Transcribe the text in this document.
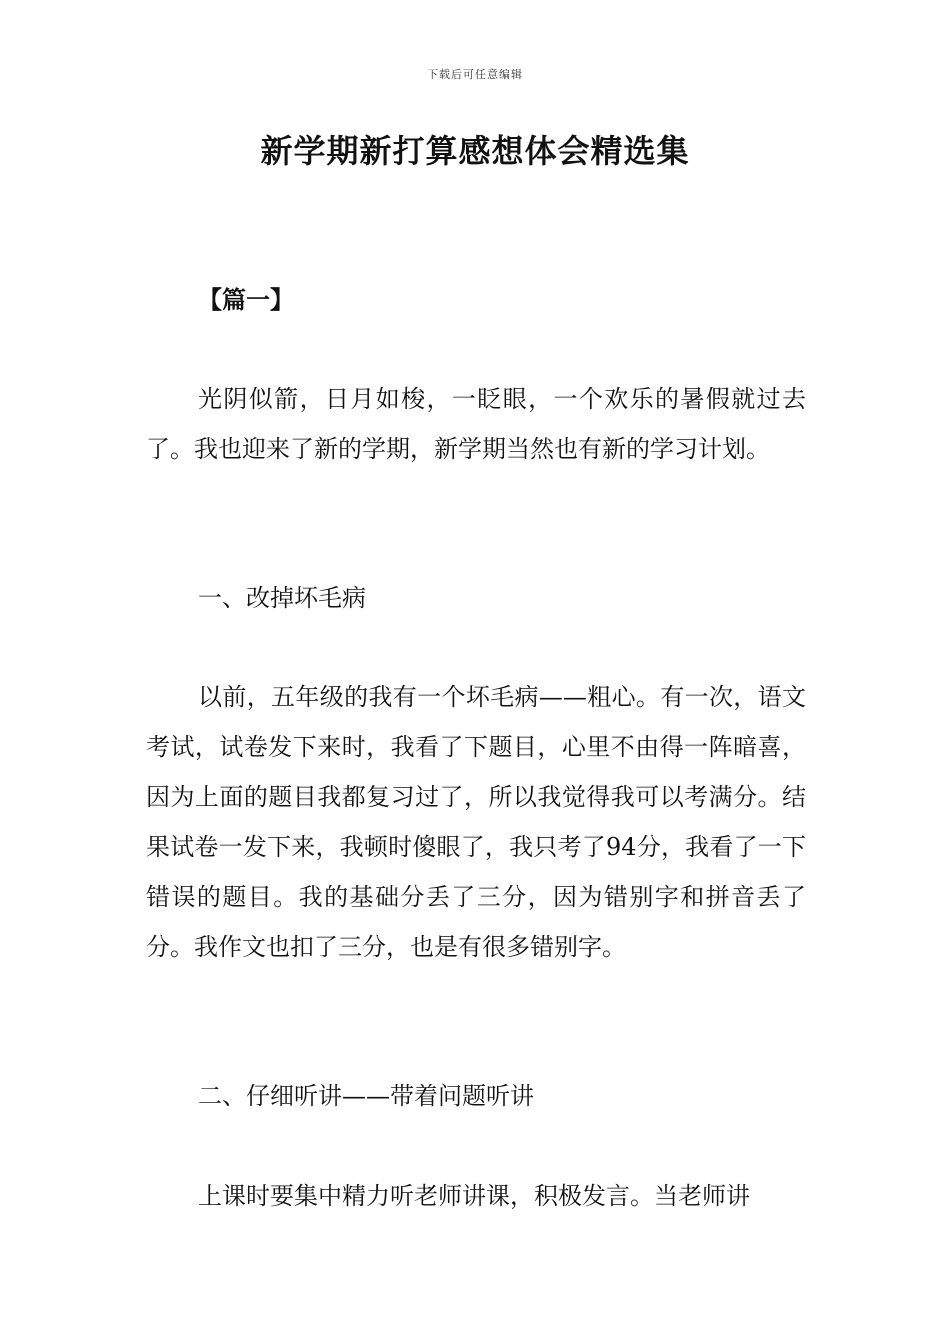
下载后可任意编辑
新学期新打算感想体会精选集
【篇一】
光阴似箭，日月如梭，一眨眼，一个欢乐的暑假就过去了。我也迎来了新的学期，新学期当然也有新的学习计划。
一、改掉坏毛病
以前，五年级的我有一个坏毛病——粗心。有一次，语文考试，试卷发下来时，我看了下题目，心里不由得一阵暗喜，因为上面的题目我都复习过了，所以我觉得我可以考满分。结果试卷一发下来，我顿时傻眼了，我只考了94分，我看了一下错误的题目。我的基础分丢了三分，因为错别字和拼音丢了分。我作文也扣了三分，也是有很多错别字。
二、仔细听讲——带着问题听讲
上课时要集中精力听老师讲课，积极发言。当老师讲
